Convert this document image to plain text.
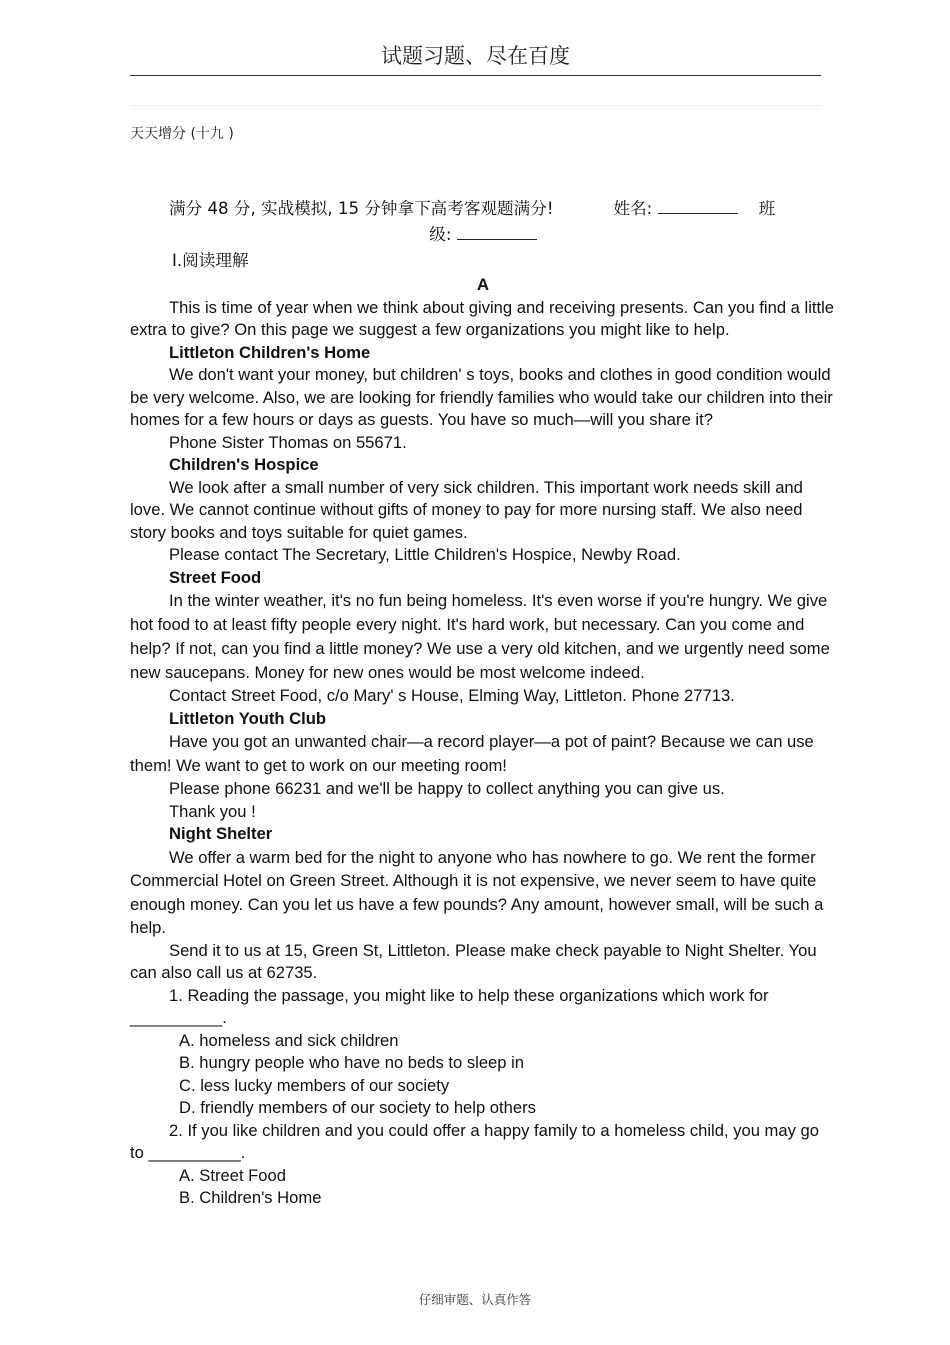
试题习题、尽在百度
天天增分 (十九 )

满分 48 分, 实战模拟, 15 分钟拿下高考客观题满分!	姓名:	班

级:

Ⅰ.阅读理解

A

This is time of year when we think about giving and receiving presents. Can you find a little extra to give? On this page we suggest a few organizations you might like to help.

Littleton Children's Home

We don't want your money, but children' s toys, books and clothes in good condition would be very welcome. Also, we are looking for friendly families who would take our children into their homes for a few hours or days as guests. You have so much—will you share it?

Phone Sister Thomas on 55671.

Children's Hospice

We look after a small number of very sick children. This important work needs skill and love. We cannot continue without gifts of money to pay for more nursing staff. We also need story books and toys suitable for quiet games.

Please contact The Secretary, Little Children's Hospice, Newby Road.

Street Food

In the winter weather, it's no fun being homeless. It's even worse if you're hungry. We give hot food to at least fifty people every night. It's hard work, but necessary. Can you come and help? If not, can you find a little money? We use a very old kitchen, and we urgently need some new saucepans. Money for new ones would be most welcome indeed.

Contact Street Food, c/o Mary' s House, Elming Way, Littleton. Phone 27713.

Littleton Youth Club

Have you got an unwanted chair—a record player—a pot of paint? Because we can use them! We want to get to work on our meeting room!

Please phone 66231 and we'll be happy to collect anything you can give us.

Thank you !

Night Shelter

We offer a warm bed for the night to anyone who has nowhere to go. We rent the former Commercial Hotel on Green Street. Although it is not expensive, we never seem to have quite enough money. Can you let us have a few pounds? Any amount, however small, will be such a help.

Send it to us at 15, Green St, Littleton. Please make check payable to Night Shelter. You can also call us at 62735.

1. Reading the passage, you might like to help these organizations which work for __________.

A. homeless and sick children

B. hungry people who have no beds to sleep in

C. less lucky members of our society

D. friendly members of our society to help others

2. If you like children and you could offer a happy family to a homeless child, you may go to __________.

A. Street Food

B. Children's Home

仔细审题、认真作答
